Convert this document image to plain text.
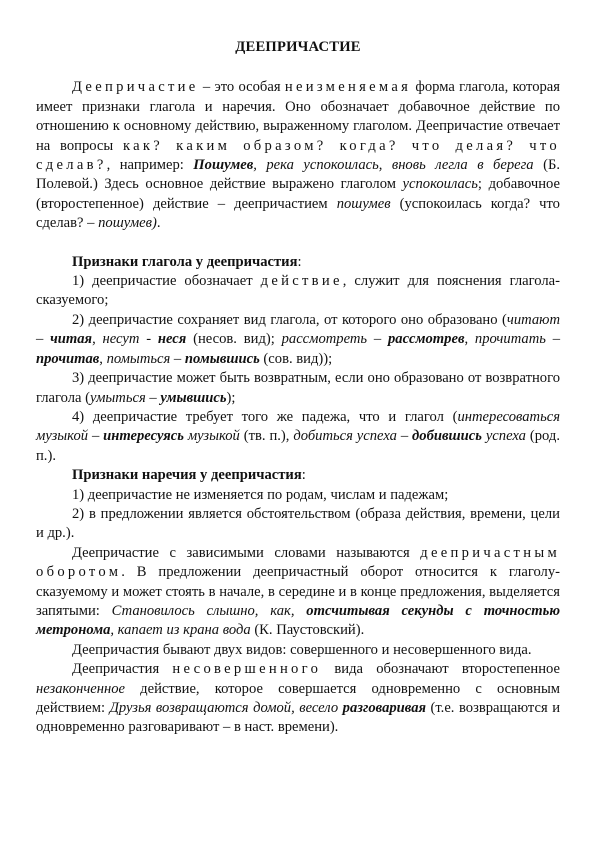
ДЕЕПРИЧАСТИЕ

Деепричастие – это особая неизменяемая форма глагола, которая имеет признаки глагола и наречия. Оно обозначает добавочное действие по отношению к основному действию, выраженному глаголом. Деепричастие отвечает на вопросы как? каким образом? когда? что делая? что сделав?, например: Пошумев, река успокоилась, вновь легла в берега (Б. Полевой.) Здесь основное действие выражено глаголом успокоилась; добавочное (второстепенное) действие – деепричастием пошумев (успокоилась когда? что сделав? – пошумев).

Признаки глагола у деепричастия:

1) деепричастие обозначает действие, служит для пояснения глагола-сказуемого;

2) деепричастие сохраняет вид глагола, от которого оно образовано (читают – читая, несут - неся (несов. вид); рассмотреть – рассмотрев, прочитать – прочитав, помыться – помывшись (сов. вид));

3) деепричастие может быть возвратным, если оно образовано от возвратного глагола (умыться – умывшись);

4) деепричастие требует того же падежа, что и глагол (интересоваться музыкой – интересуясь музыкой (тв. п.), добиться успеха – добившись успеха (род. п.).

Признаки наречия у деепричастия:

1) деепричастие не изменяется по родам, числам и падежам;

2) в предложении является обстоятельством (образа действия, времени, цели и др.).

Деепричастие с зависимыми словами называются деепричастным оборотом. В предложении деепричастный оборот относится к глаголу-сказуемому и может стоять в начале, в середине и в конце предложения, выделяется запятыми: Становилось слышно, как, отсчитывая секунды с точностью метронома, капает из крана вода (К. Паустовский).

Деепричастия бывают двух видов: совершенного и несовершенного вида.

Деепричастия несовершенного вида обозначают второстепенное незаконченное действие, которое совершается одновременно с основным действием: Друзья возвращаются домой, весело разговаривая (т.е. возвращаются и одновременно разговаривают – в наст. времени).
